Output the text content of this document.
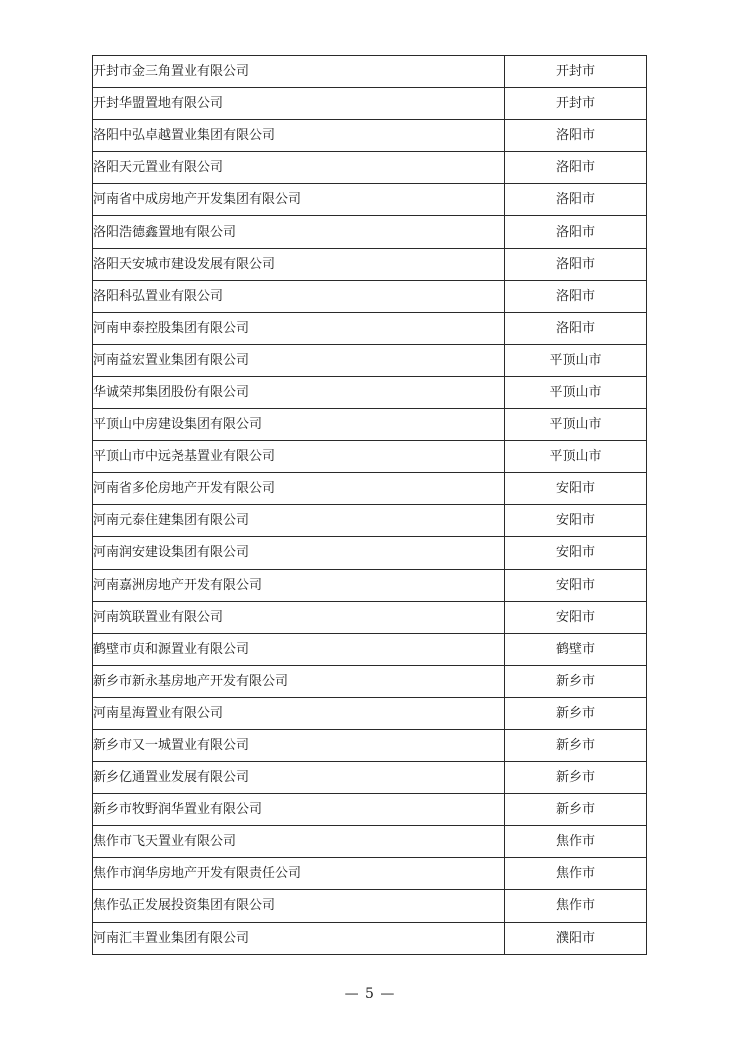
开封市金三角置业有限公司	开封市
开封华盟置地有限公司	开封市
洛阳中弘卓越置业集团有限公司	洛阳市
洛阳天元置业有限公司	洛阳市
河南省中成房地产开发集团有限公司	洛阳市
洛阳浩德鑫置地有限公司	洛阳市
洛阳天安城市建设发展有限公司	洛阳市
洛阳科弘置业有限公司	洛阳市
河南申泰控股集团有限公司	洛阳市
河南益宏置业集团有限公司	平顶山市
华诚荣邦集团股份有限公司	平顶山市
平顶山中房建设集团有限公司	平顶山市
平顶山市中远尧基置业有限公司	平顶山市
河南省多伦房地产开发有限公司	安阳市
河南元泰住建集团有限公司	安阳市
河南润安建设集团有限公司	安阳市
河南嘉洲房地产开发有限公司	安阳市
河南筑联置业有限公司	安阳市
鹤壁市贞和源置业有限公司	鹤壁市
新乡市新永基房地产开发有限公司	新乡市
河南星海置业有限公司	新乡市
新乡市又一城置业有限公司	新乡市
新乡亿通置业发展有限公司	新乡市
新乡市牧野润华置业有限公司	新乡市
焦作市飞天置业有限公司	焦作市
焦作市润华房地产开发有限责任公司	焦作市
焦作弘正发展投资集团有限公司	焦作市
河南汇丰置业集团有限公司	濮阳市
— 5 —
